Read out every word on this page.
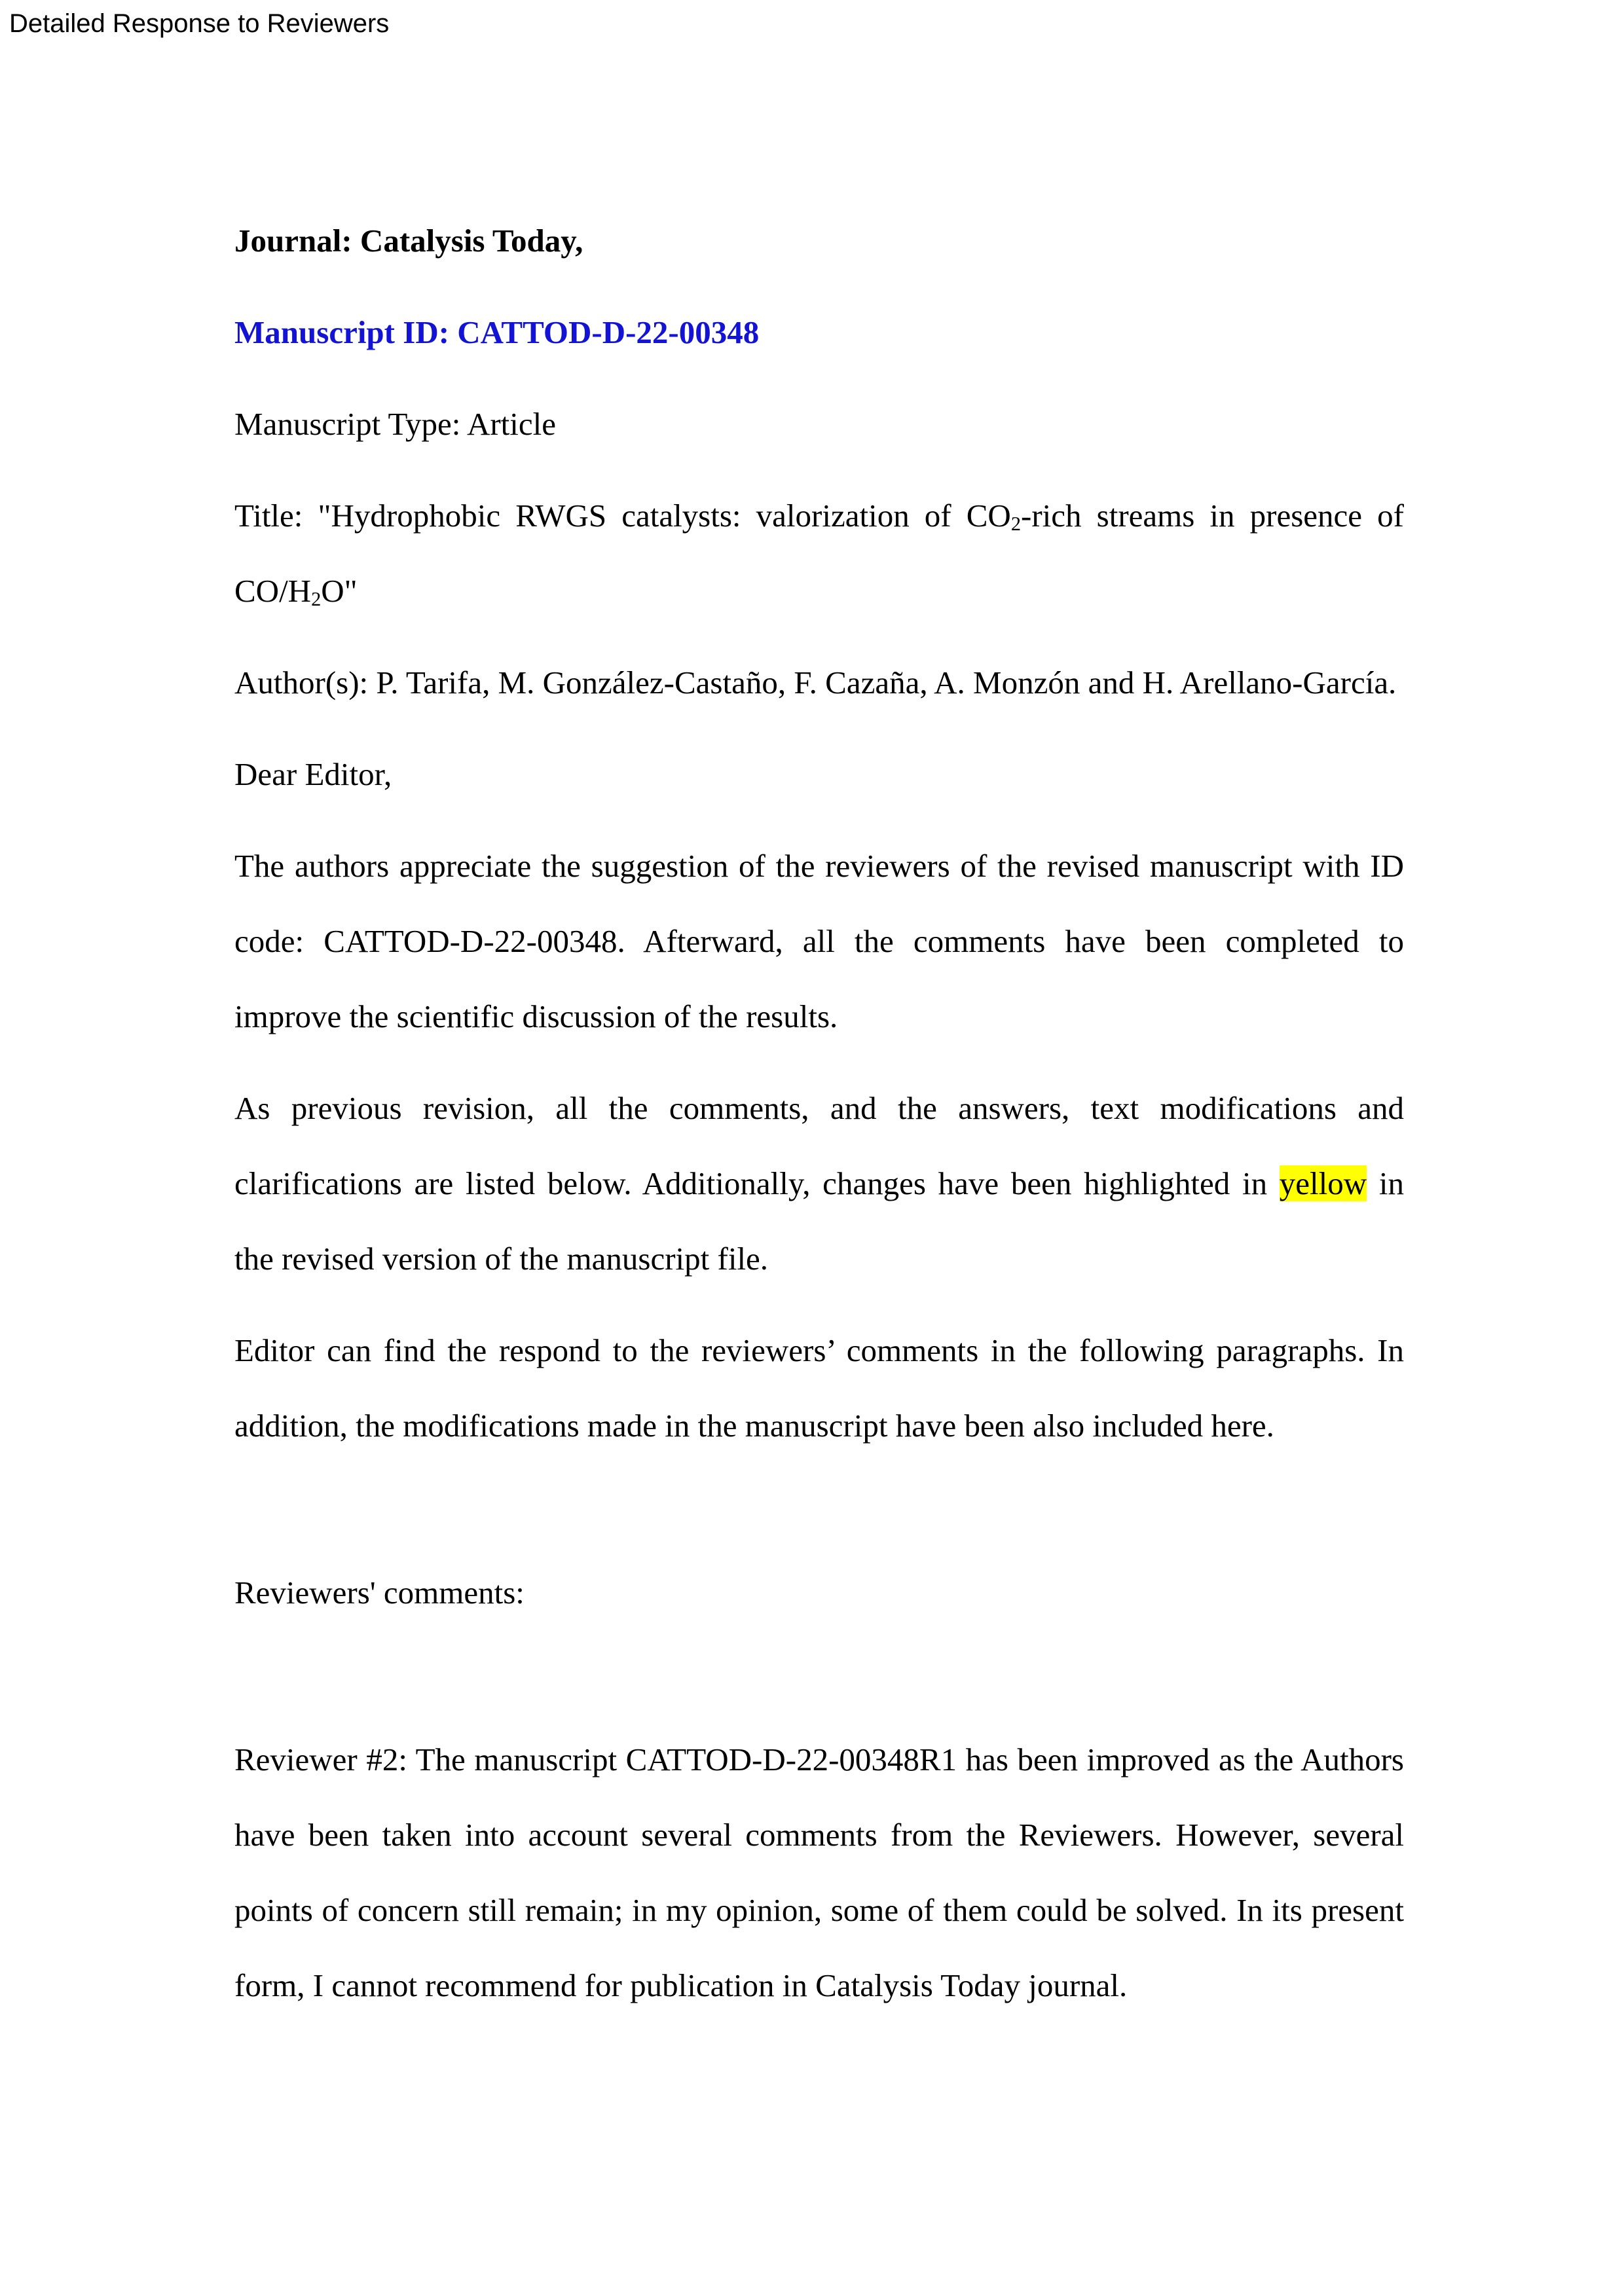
Detailed Response to Reviewers

Journal: Catalysis Today,

Manuscript ID: CATTOD-D-22-00348

Manuscript Type: Article

Title: "Hydrophobic RWGS catalysts: valorization of $CO_2$-rich streams in presence of $CO/H_2O$"

Author(s): P. Tarifa, M. González-Castaño, F. Cazaña, A. Monzón and H. Arellano-García.

Dear Editor,

The authors appreciate the suggestion of the reviewers of the revised manuscript with ID code: CATTOD-D-22-00348. Afterward, all the comments have been completed to improve the scientific discussion of the results.

As previous revision, all the comments, and the answers, text modifications and clarifications are listed below. Additionally, changes have been highlighted in yellow in the revised version of the manuscript file.

Editor can find the respond to the reviewers’ comments in the following paragraphs. In addition, the modifications made in the manuscript have been also included here.

Reviewers' comments:

Reviewer #2: The manuscript CATTOD-D-22-00348R1 has been improved as the Authors have been taken into account several comments from the Reviewers. However, several points of concern still remain; in my opinion, some of them could be solved. In its present form, I cannot recommend for publication in Catalysis Today journal.
